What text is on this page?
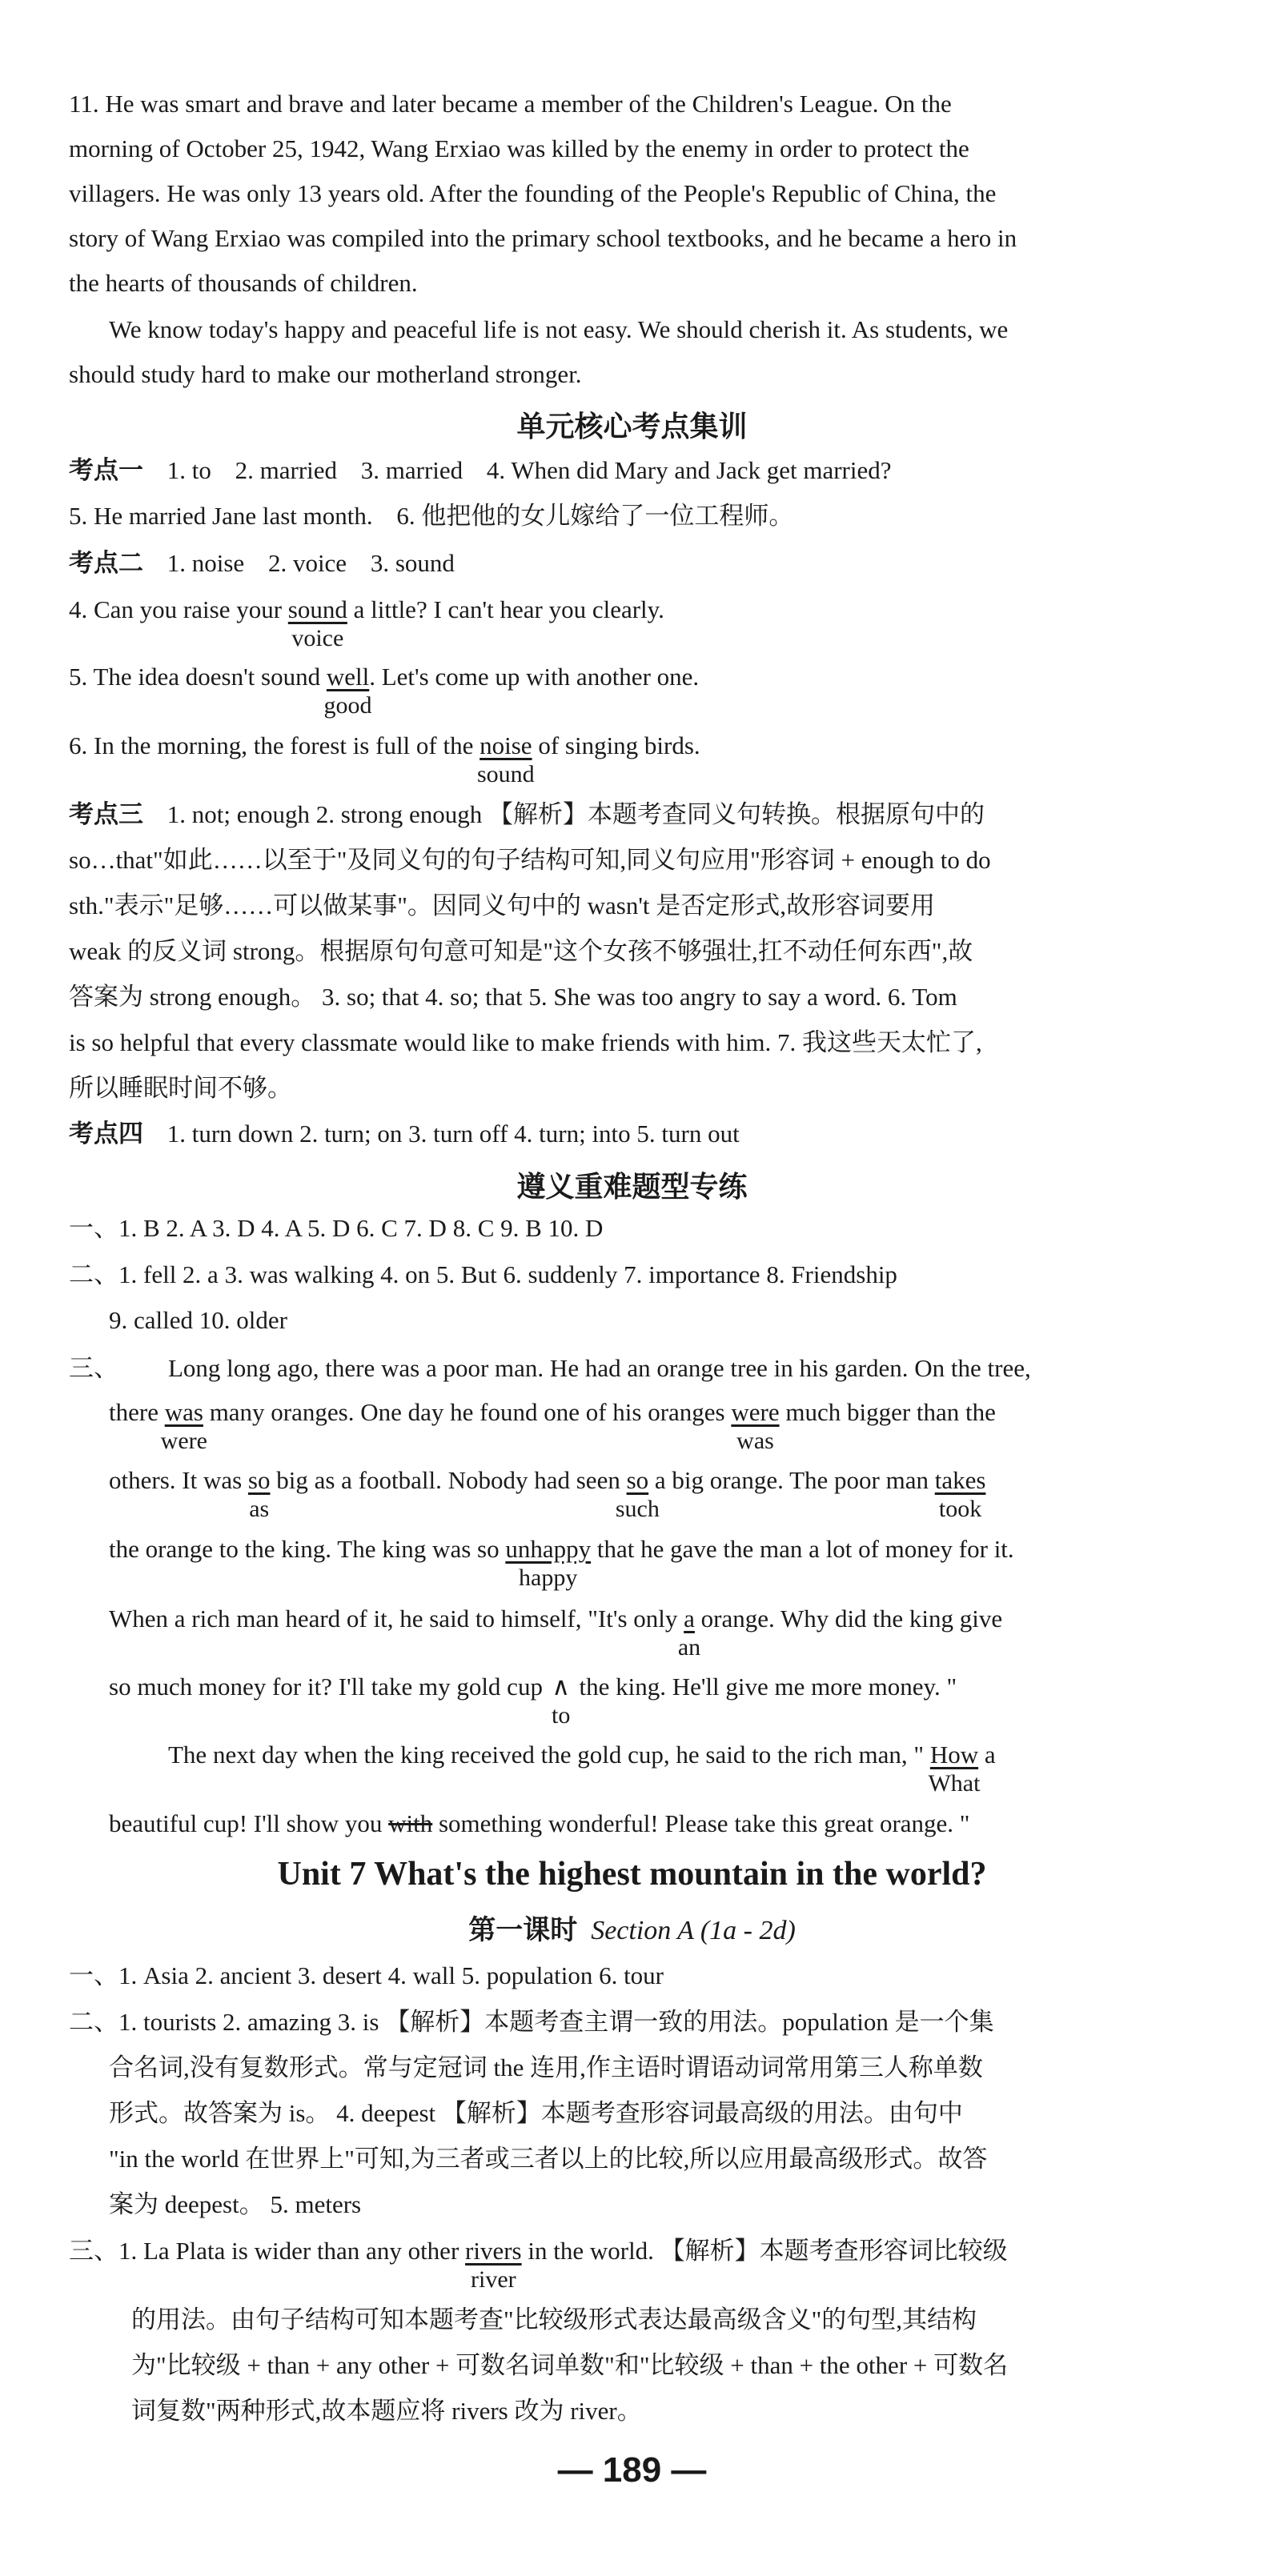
11. He was smart and brave and later became a member of the Children's League. On the
morning of October 25, 1942, Wang Erxiao was killed by the enemy in order to protect the
villagers. He was only 13 years old. After the founding of the People's Republic of China, the
story of Wang Erxiao was compiled into the primary school textbooks, and he became a hero in
the hearts of thousands of children.
We know today's happy and peaceful life is not easy. We should cherish it. As students, we
should study hard to make our motherland stronger.
单元核心考点集训
考点一 1. to 2. married 3. married 4. When did Mary and Jack get married?
5. He married Jane last month. 6. 他把他的女儿嫁给了一位工程师。
考点二 1. noise 2. voice 3. sound
4. Can you raise your sound
voice
a little? I can't hear you clearly.
5. The idea doesn't sound well
good
. Let's come up with another one.
6. In the morning, the forest is full of the noise
sound
of singing birds.
考点三 1. not; enough 2. strong enough 【解析】本题考查同义句转换。根据原句中的
so…that"如此……以至于"及同义句的句子结构可知,同义句应用"形容词 + enough to do
sth."表示"足够……可以做某事"。因同义句中的 wasn't 是否定形式,故形容词要用
weak 的反义词 strong。根据原句句意可知是"这个女孩不够强壮,扛不动任何东西",故
答案为 strong enough。 3. so; that 4. so; that 5. She was too angry to say a word. 6. Tom
is so helpful that every classmate would like to make friends with him. 7. 我这些天太忙了,
所以睡眠时间不够。
考点四 1. turn down 2. turn; on 3. turn off 4. turn; into 5. turn out
遵义重难题型专练
一、1. B 2. A 3. D 4. A 5. D 6. C 7. D 8. C 9. B 10. D
二、1. fell 2. a 3. was walking 4. on 5. But 6. suddenly 7. importance 8. Friendship
9. called 10. older
三、 Long long ago, there was a poor man. He had an orange tree in his garden. On the tree,
there was
were
many oranges. One day he found one of his oranges were
was
much bigger than the
others. It was so
as
big as a football. Nobody had seen so
such
a big orange. The poor man takes
took
the orange to the king. The king was so unhappy
happy
that he gave the man a lot of money for it.
When a rich man heard of it, he said to himself, "It's only a
an
orange. Why did the king give
so much money for it? I'll take my gold cup ∧
to
the king. He'll give me more money. "
The next day when the king received the gold cup, he said to the rich man, " How
What
a
beautiful cup! I'll show you with something wonderful! Please take this great orange. "
Unit 7 What's the highest mountain in the world?
第一课时 Section A (1a - 2d)
一、1. Asia 2. ancient 3. desert 4. wall 5. population 6. tour
二、1. tourists 2. amazing 3. is 【解析】本题考查主谓一致的用法。population 是一个集
合名词,没有复数形式。常与定冠词 the 连用,作主语时谓语动词常用第三人称单数
形式。故答案为 is。 4. deepest 【解析】本题考查形容词最高级的用法。由句中
"in the world 在世界上"可知,为三者或三者以上的比较,所以应用最高级形式。故答
案为 deepest。 5. meters
三、1. La Plata is wider than any other rivers
river
in the world. 【解析】本题考查形容词比较级
的用法。由句子结构可知本题考查"比较级形式表达最高级含义"的句型,其结构
为"比较级 + than + any other + 可数名词单数"和"比较级 + than + the other + 可数名
词复数"两种形式,故本题应将 rivers 改为 river。
— 189 —
